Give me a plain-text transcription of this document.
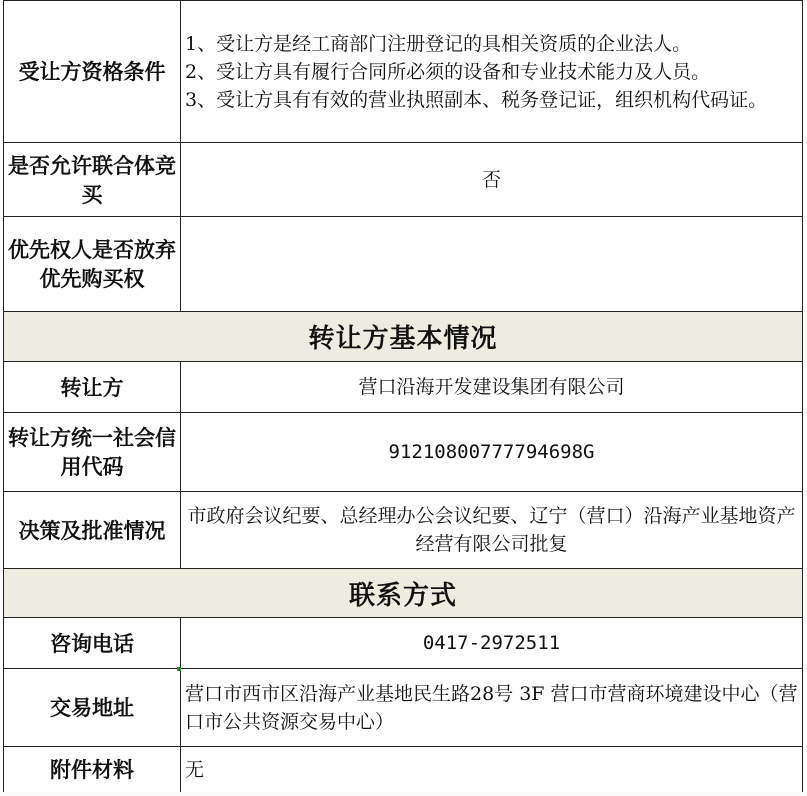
受让方资格条件	1、受让方是经工商部门注册登记的具相关资质的企业法人。
2、受让方具有履行合同所必须的设备和专业技术能力及人员。
3、受让方具有有效的营业执照副本、税务登记证，组织机构代码证。

是否允许联合体竞买	否
优先权人是否放弃优先购买权	
转让方基本情况	
转让方	营口沿海开发建设集团有限公司
转让方统一社会信用代码	91210800777794698G
决策及批准情况	市政府会议纪要、总经理办公会议纪要、辽宁（营口）沿海产业基地资产经营有限公司批复
联系方式	
咨询电话	0417-2972511
交易地址	营口市西市区沿海产业基地民生路28号 3F 营口市营商环境建设中心（营口市公共资源交易中心）
附件材料	无
